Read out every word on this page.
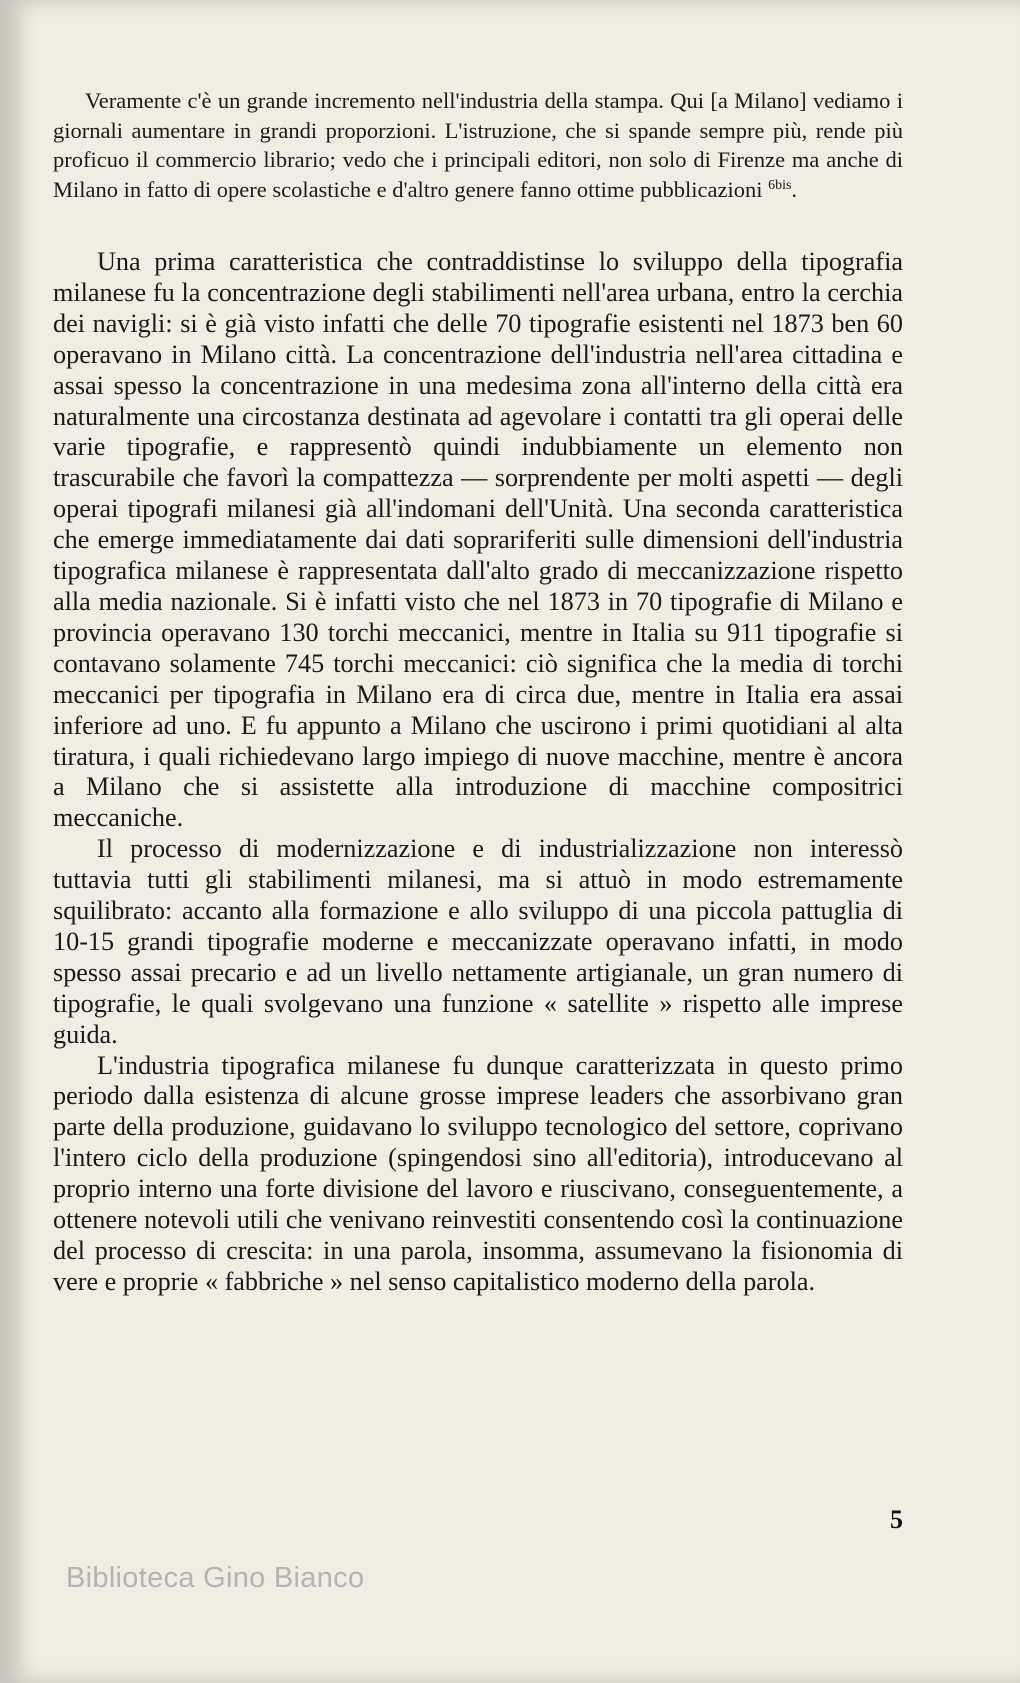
Veramente c'è un grande incremento nell'industria della stampa. Qui [a Milano] vediamo i giornali aumentare in grandi proporzioni. L'istruzione, che si spande sempre più, rende più proficuo il commercio librario; vedo che i principali editori, non solo di Firenze ma anche di Milano in fatto di opere scolastiche e d'altro genere fanno ottime pubblicazioni $^{6bis}$.

Una prima caratteristica che contraddistinse lo sviluppo della tipografia milanese fu la concentrazione degli stabilimenti nell'area urbana, entro la cerchia dei navigli: si è già visto infatti che delle 70 tipografie esistenti nel 1873 ben 60 operavano in Milano città. La concentrazione dell'industria nell'area cittadina e assai spesso la concentrazione in una medesima zona all'interno della città era naturalmente una circostanza destinata ad agevolare i contatti tra gli operai delle varie tipografie, e rappresentò quindi indubbiamente un elemento non trascurabile che favorì la compattezza — sorprendente per molti aspetti — degli operai tipografi milanesi già all'indomani dell'Unità. Una seconda caratteristica che emerge immediatamente dai dati soprariferiti sulle dimensioni dell'industria tipografica milanese è rappresentata dall'alto grado di meccanizzazione rispetto alla media nazionale. Si è infatti visto che nel 1873 in 70 tipografie di Milano e provincia operavano 130 torchi meccanici, mentre in Italia su 911 tipografie si contavano solamente 745 torchi meccanici: ciò significa che la media di torchi meccanici per tipografia in Milano era di circa due, mentre in Italia era assai inferiore ad uno. E fu appunto a Milano che uscirono i primi quotidiani al alta tiratura, i quali richiedevano largo impiego di nuove macchine, mentre è ancora a Milano che si assistette alla introduzione di macchine compositrici meccaniche.

Il processo di modernizzazione e di industrializzazione non interessò tuttavia tutti gli stabilimenti milanesi, ma si attuò in modo estremamente squilibrato: accanto alla formazione e allo sviluppo di una piccola pattuglia di 10-15 grandi tipografie moderne e meccanizzate operavano infatti, in modo spesso assai precario e ad un livello nettamente artigianale, un gran numero di tipografie, le quali svolgevano una funzione « satellite » rispetto alle imprese guida.

L'industria tipografica milanese fu dunque caratterizzata in questo primo periodo dalla esistenza di alcune grosse imprese leaders che assorbivano gran parte della produzione, guidavano lo sviluppo tecnologico del settore, coprivano l'intero ciclo della produzione (spingendosi sino all'editoria), introducevano al proprio interno una forte divisione del lavoro e riuscivano, conseguentemente, a ottenere notevoli utili che venivano reinvestiti consentendo così la continuazione del processo di crescita: in una parola, insomma, assumevano la fisionomia di vere e proprie « fabbriche » nel senso capitalistico moderno della parola.

5
Biblioteca Gino Bianco
